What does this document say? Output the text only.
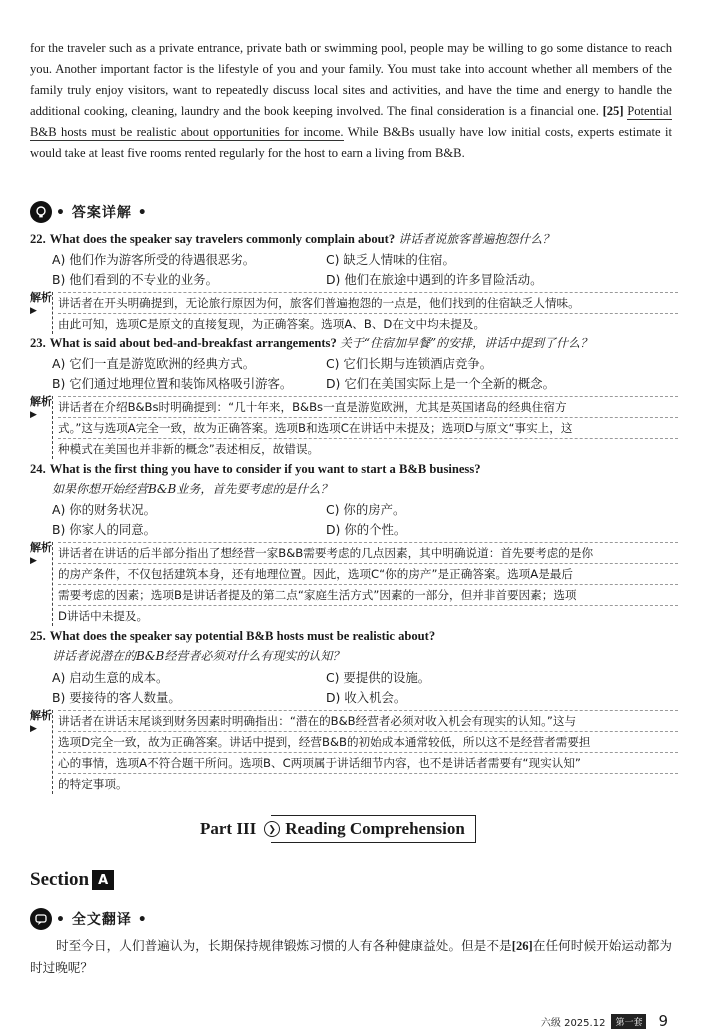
for the traveler such as a private entrance, private bath or swimming pool, people may be willing to go some distance to reach you. Another important factor is the lifestyle of you and your family. You must take into account whether all members of the family truly enjoy visitors, want to repeatedly discuss local sites and activities, and have the time and energy to handle the additional cooking, cleaning, laundry and the book keeping involved. The final consideration is a financial one. [25] Potential B&B hosts must be realistic about opportunities for income. While B&Bs usually have low initial costs, experts estimate it would take at least five rooms rented regularly for the host to earn a living from B&B.
• 答案详解 •
22. What does the speaker say travelers commonly complain about? 讲话者说旅客普遍抱怨什么？
A) 他们作为游客所受的待遇很恶劣。	C) 缺乏人情味的住宿。
B) 他们看到的不专业的业务。	D) 他们在旅途中遇到的许多冒险活动。
解析▶
讲话者在开头明确提到，无论旅行原因为何，旅客们普遍抱怨的一点是，他们找到的住宿缺乏人情味。
由此可知，选项C是原文的直接复现，为正确答案。选项A、B、D在文中均未提及。
23. What is said about bed-and-breakfast arrangements? 关于“住宿加早餐”的安排，讲话中提到了什么？
A) 它们一直是游览欧洲的经典方式。	C) 它们长期与连锁酒店竞争。
B) 它们通过地理位置和装饰风格吸引游客。	D) 它们在美国实际上是一个全新的概念。
解析▶
讲话者在介绍B&Bs时明确提到：“几十年来，B&Bs一直是游览欧洲，尤其是英国诸岛的经典住宿方
式。”这与选项A完全一致，故为正确答案。选项B和选项C在讲话中未提及；选项D与原文“事实上，这
种模式在美国也并非新的概念”表述相反，故错误。
24. What is the first thing you have to consider if you want to start a B&B business?
如果你想开始经营B&B业务，首先要考虑的是什么？
A) 你的财务状况。	C) 你的房产。
B) 你家人的同意。	D) 你的个性。
解析▶
讲话者在讲话的后半部分指出了想经营一家B&B需要考虑的几点因素，其中明确说道：首先要考虑的是你
的房产条件，不仅包括建筑本身，还有地理位置。因此，选项C“你的房产”是正确答案。选项A是最后
需要考虑的因素；选项B是讲话者提及的第二点“家庭生活方式”因素的一部分，但并非首要因素；选项
D讲话中未提及。
25. What does the speaker say potential B&B hosts must be realistic about?
讲话者说潜在的B&B经营者必须对什么有现实的认知？
A) 启动生意的成本。	C) 要提供的设施。
B) 要接待的客人数量。	D) 收入机会。
解析▶
讲话者在讲话末尾谈到财务因素时明确指出：“潜在的B&B经营者必须对收入机会有现实的认知。”这与
选项D完全一致，故为正确答案。讲话中提到，经营B&B的初始成本通常较低，所以这不是经营者需要担
心的事情，选项A不符合题干所问。选项B、C两项属于讲话细节内容，也不是讲话者需要有“现实认知”
的特定事项。
Part III	❯ Reading Comprehension
Section A
• 全文翻译 •
时至今日，人们普遍认为，长期保持规律锻炼习惯的人有各种健康益处。但是不是[26]在任何时候开始运动都为时过晚呢？
六级 2025.12	第一套 9
